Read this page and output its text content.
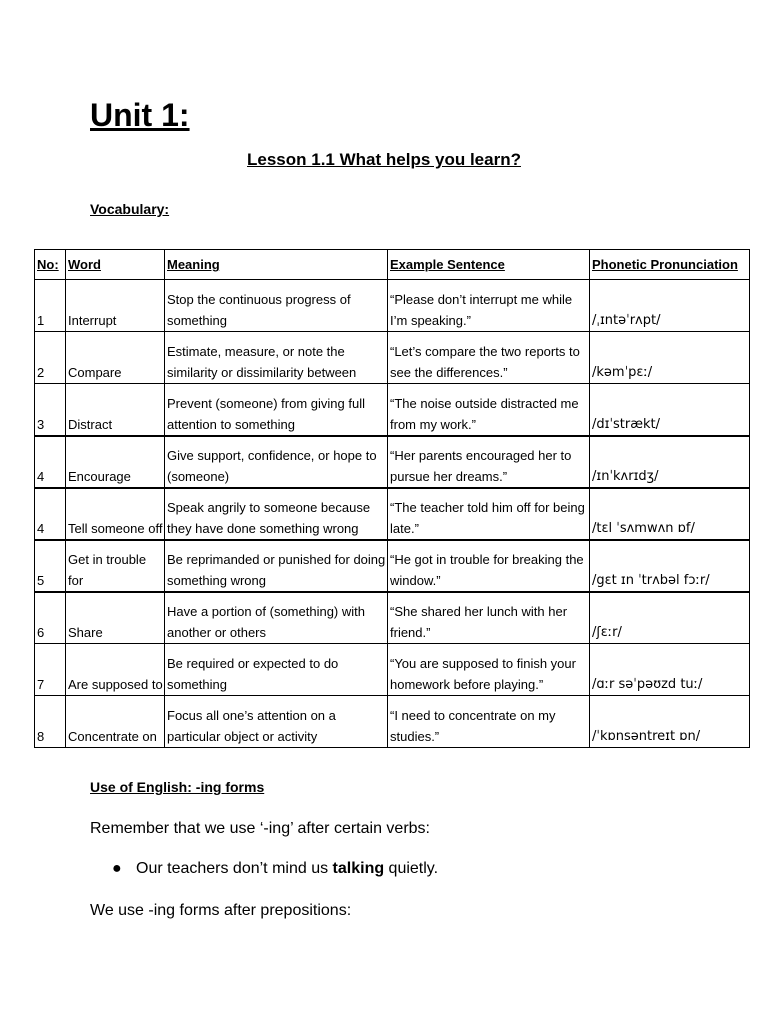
Unit 1:
Lesson 1.1 What helps you learn?
Vocabulary:
No:	Word	Meaning	Example Sentence	Phonetic Pronunciation
1	Interrupt	Stop the continuous progress of something	“Please don’t interrupt me while I’m speaking.”	/ˌɪntəˈrʌpt/
2	Compare	Estimate, measure, or note the similarity or dissimilarity between	“Let’s compare the two reports to see the differences.”	/kəmˈpɛː/
3	Distract	Prevent (someone) from giving full attention to something	“The noise outside distracted me from my work.”	/dɪˈstrækt/
4	Encourage	Give support, confidence, or hope to (someone)	“Her parents encouraged her to pursue her dreams.”	/ɪnˈkʌrɪdʒ/
4	Tell someone off	Speak angrily to someone because they have done something wrong	“The teacher told him off for being late.”	/tɛl ˈsʌmwʌn ɒf/
5	Get in trouble for	Be reprimanded or punished for doing something wrong	“He got in trouble for breaking the window.”	/gɛt ɪn ˈtrʌbəl fɔːr/
6	Share	Have a portion of (something) with another or others	“She shared her lunch with her friend.”	/ʃɛːr/
7	Are supposed to	Be required or expected to do something	“You are supposed to finish your homework before playing.”	/ɑːr səˈpəʊzd tuː/
8	Concentrate on	Focus all one’s attention on a particular object or activity	“I need to concentrate on my studies.”	/ˈkɒnsəntreɪt ɒn/
Use of English: -ing forms

Remember that we use ‘-ing’ after certain verbs:

● Our teachers don’t mind us talking quietly.

We use -ing forms after prepositions:
